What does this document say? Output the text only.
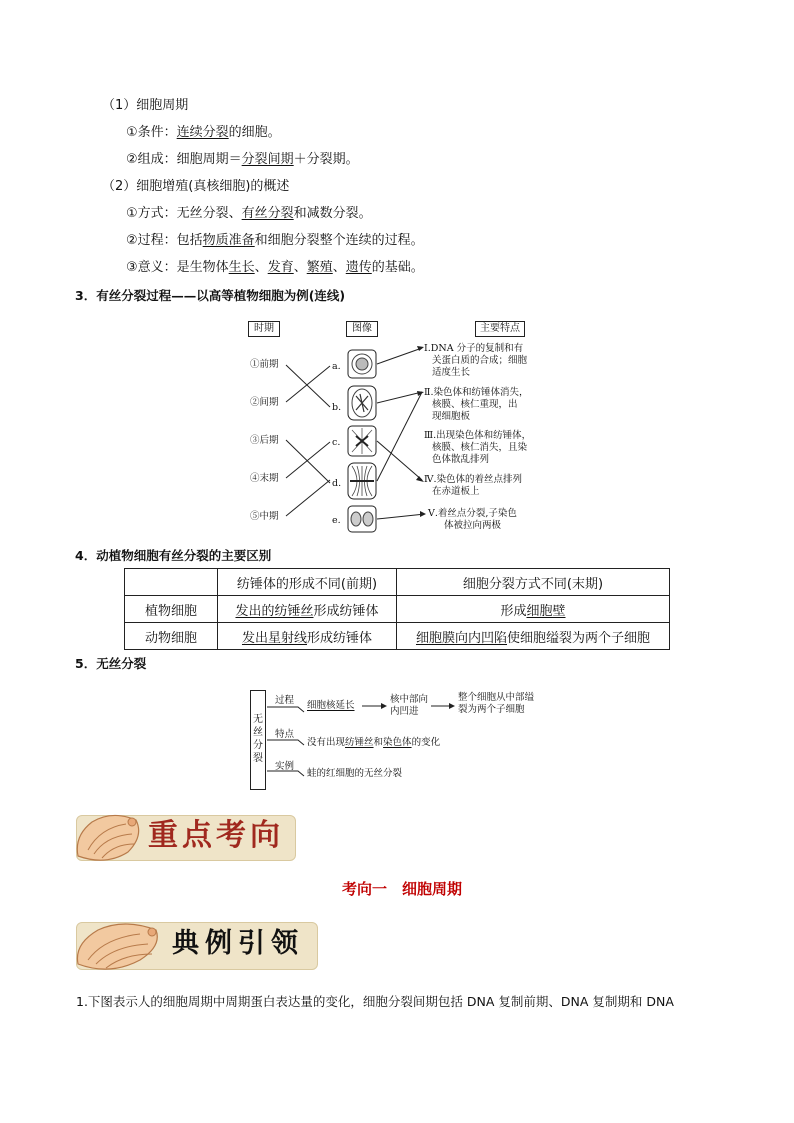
（1）细胞周期
①条件：连续分裂的细胞。
②组成：细胞周期＝分裂间期＋分裂期。
（2）细胞增殖(真核细胞)的概述
①方式：无丝分裂、有丝分裂和减数分裂。
②过程：包括物质准备和细胞分裂整个连续的过程。
③意义：是生物体生长、发育、繁殖、遗传的基础。
3．有丝分裂过程——以高等植物细胞为例(连线)
时期	图像	主要特点
①前期
②间期
③后期
④末期
⑤中期
a.
b.
c.
d.
e.
Ⅰ.DNA 分子的复制和有
关蛋白质的合成；细胞
适度生长
Ⅱ.染色体和纺锤体消失，
核膜、核仁重现，出
现细胞板
Ⅲ.出现染色体和纺锤体，
核膜、核仁消失，且染
色体散乱排列
Ⅳ.染色体的着丝点排列
在赤道板上
Ⅴ.着丝点分裂,子染色
体被拉向两极
4．动植物细胞有丝分裂的主要区别
	纺锤体的形成不同(前期)	细胞分裂方式不同(末期)
植物细胞	发出的纺锤丝形成纺锤体	形成细胞壁
动物细胞	发出星射线形成纺锤体	细胞膜向内凹陷使细胞缢裂为两个子细胞
5．无丝分裂
无
丝
分
裂
过程 细胞核延长
核中部向
内凹进
整个细胞从中部缢
裂为两个子细胞
特点
没有出现纺锤丝和染色体的变化
实例
蛙的红细胞的无丝分裂
重点考向
考向一　细胞周期
典例引领
1.下图表示人的细胞周期中周期蛋白表达量的变化，细胞分裂间期包括 DNA 复制前期、DNA 复制期和 DNA
